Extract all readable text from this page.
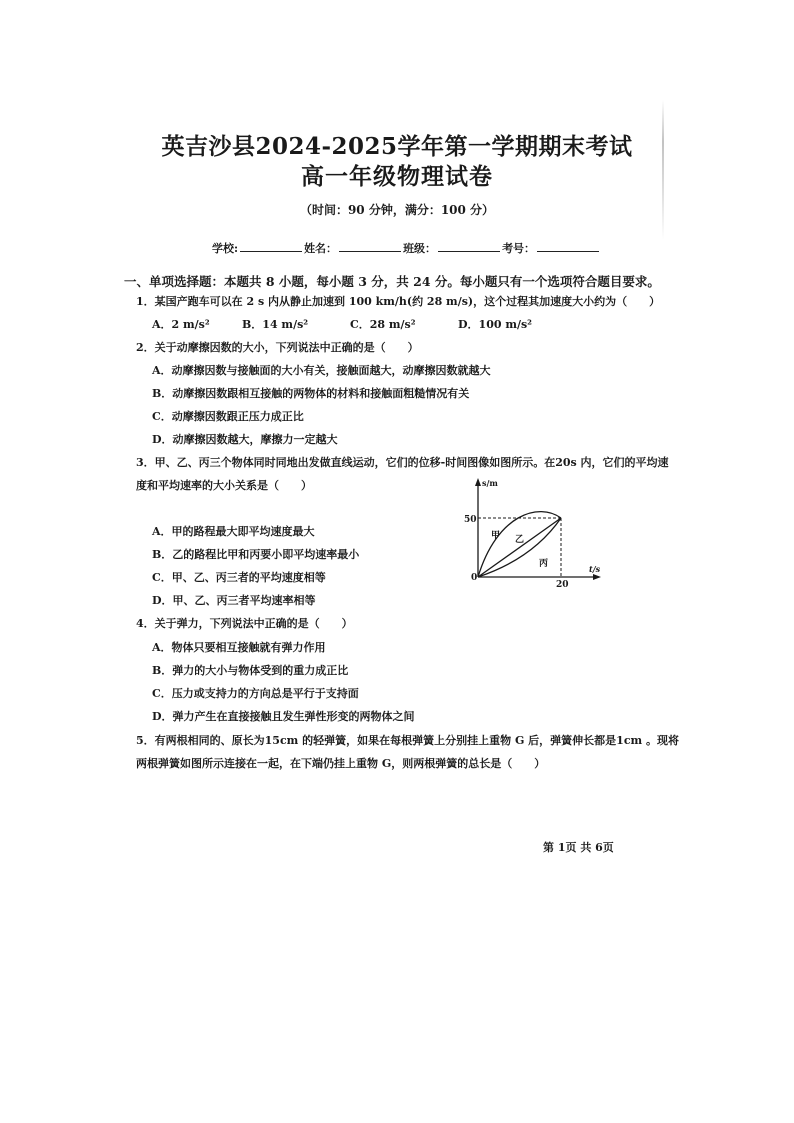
英吉沙县2024-2025学年第一学期期末考试
高一年级物理试卷
（时间：90 分钟，满分：100 分）
学校:	姓名：	班级：	考号：
一、单项选择题：本题共 8 小题，每小题 3 分，共 24 分。每小题只有一个选项符合题目要求。
1．某国产跑车可以在 2 s 内从静止加速到 100 km/h(约 28 m/s)，这个过程其加速度大小约为（　　）
A．2 m/s²	B．14 m/s²	C．28 m/s²	D．100 m/s²
2．关于动摩擦因数的大小，下列说法中正确的是（　　）
A．动摩擦因数与接触面的大小有关，接触面越大，动摩擦因数就越大
B．动摩擦因数跟相互接触的两物体的材料和接触面粗糙情况有关
C．动摩擦因数跟正压力成正比
D．动摩擦因数越大，摩擦力一定越大
3．甲、乙、丙三个物体同时同地出发做直线运动，它们的位移-时间图像如图所示。在20s 内，它们的平均速
度和平均速率的大小关系是（　　）
A．甲的路程最大即平均速度最大
B．乙的路程比甲和丙要小即平均速率最小
C．甲、乙、丙三者的平均速度相等
D．甲、乙、丙三者平均速率相等
s/m
t/s
50
20
0
甲 乙
丙
4．关于弹力，下列说法中正确的是（　　）
A．物体只要相互接触就有弹力作用
B．弹力的大小与物体受到的重力成正比
C．压力或支持力的方向总是平行于支持面
D．弹力产生在直接接触且发生弹性形变的两物体之间
5．有两根相同的、原长为15cm 的轻弹簧，如果在每根弹簧上分别挂上重物 G 后，弹簧伸长都是1cm 。现将
两根弹簧如图所示连接在一起，在下端仍挂上重物 G，则两根弹簧的总长是（　　）
第 1页 共 6页
